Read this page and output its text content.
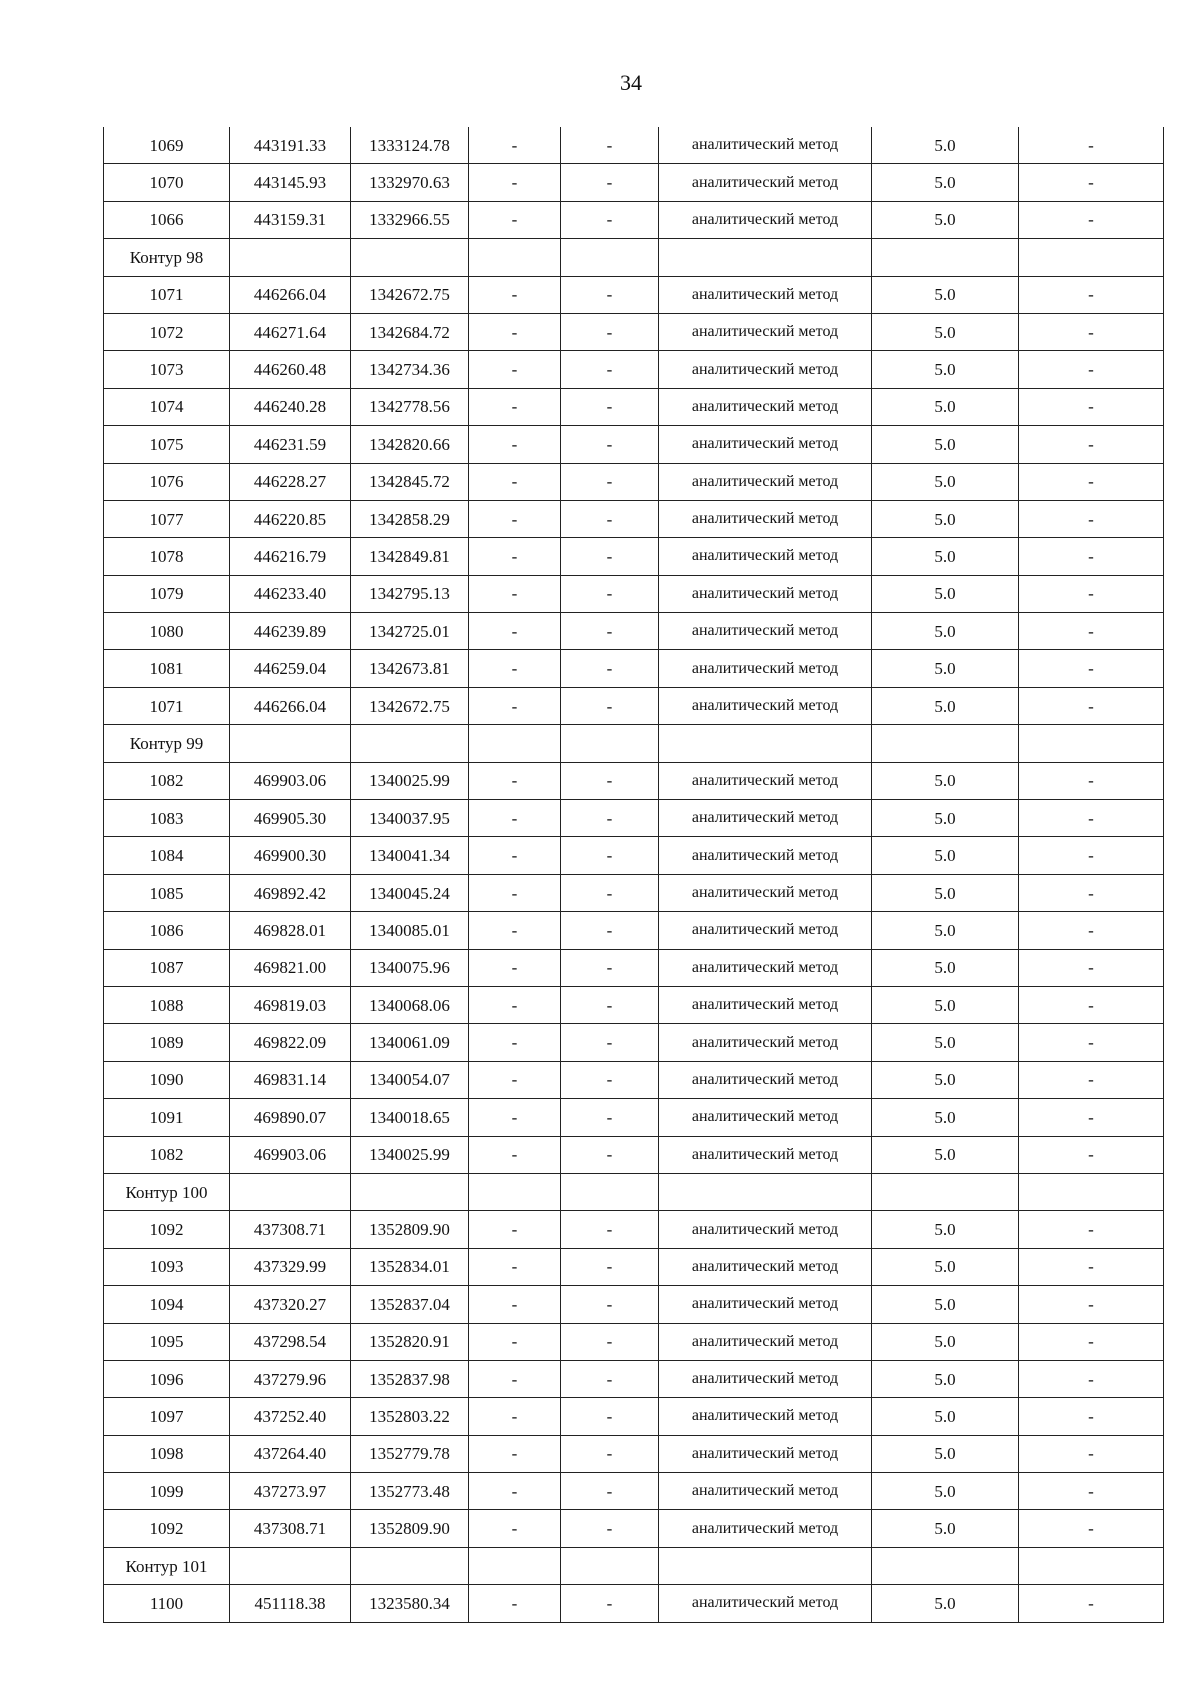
34
1069	443191.33	1333124.78	-	-	аналитический метод	5.0	-
1070	443145.93	1332970.63	-	-	аналитический метод	5.0	-
1066	443159.31	1332966.55	-	-	аналитический метод	5.0	-
Контур 98							
1071	446266.04	1342672.75	-	-	аналитический метод	5.0	-
1072	446271.64	1342684.72	-	-	аналитический метод	5.0	-
1073	446260.48	1342734.36	-	-	аналитический метод	5.0	-
1074	446240.28	1342778.56	-	-	аналитический метод	5.0	-
1075	446231.59	1342820.66	-	-	аналитический метод	5.0	-
1076	446228.27	1342845.72	-	-	аналитический метод	5.0	-
1077	446220.85	1342858.29	-	-	аналитический метод	5.0	-
1078	446216.79	1342849.81	-	-	аналитический метод	5.0	-
1079	446233.40	1342795.13	-	-	аналитический метод	5.0	-
1080	446239.89	1342725.01	-	-	аналитический метод	5.0	-
1081	446259.04	1342673.81	-	-	аналитический метод	5.0	-
1071	446266.04	1342672.75	-	-	аналитический метод	5.0	-
Контур 99							
1082	469903.06	1340025.99	-	-	аналитический метод	5.0	-
1083	469905.30	1340037.95	-	-	аналитический метод	5.0	-
1084	469900.30	1340041.34	-	-	аналитический метод	5.0	-
1085	469892.42	1340045.24	-	-	аналитический метод	5.0	-
1086	469828.01	1340085.01	-	-	аналитический метод	5.0	-
1087	469821.00	1340075.96	-	-	аналитический метод	5.0	-
1088	469819.03	1340068.06	-	-	аналитический метод	5.0	-
1089	469822.09	1340061.09	-	-	аналитический метод	5.0	-
1090	469831.14	1340054.07	-	-	аналитический метод	5.0	-
1091	469890.07	1340018.65	-	-	аналитический метод	5.0	-
1082	469903.06	1340025.99	-	-	аналитический метод	5.0	-
Контур 100							
1092	437308.71	1352809.90	-	-	аналитический метод	5.0	-
1093	437329.99	1352834.01	-	-	аналитический метод	5.0	-
1094	437320.27	1352837.04	-	-	аналитический метод	5.0	-
1095	437298.54	1352820.91	-	-	аналитический метод	5.0	-
1096	437279.96	1352837.98	-	-	аналитический метод	5.0	-
1097	437252.40	1352803.22	-	-	аналитический метод	5.0	-
1098	437264.40	1352779.78	-	-	аналитический метод	5.0	-
1099	437273.97	1352773.48	-	-	аналитический метод	5.0	-
1092	437308.71	1352809.90	-	-	аналитический метод	5.0	-
Контур 101							
1100	451118.38	1323580.34	-	-	аналитический метод	5.0	-
